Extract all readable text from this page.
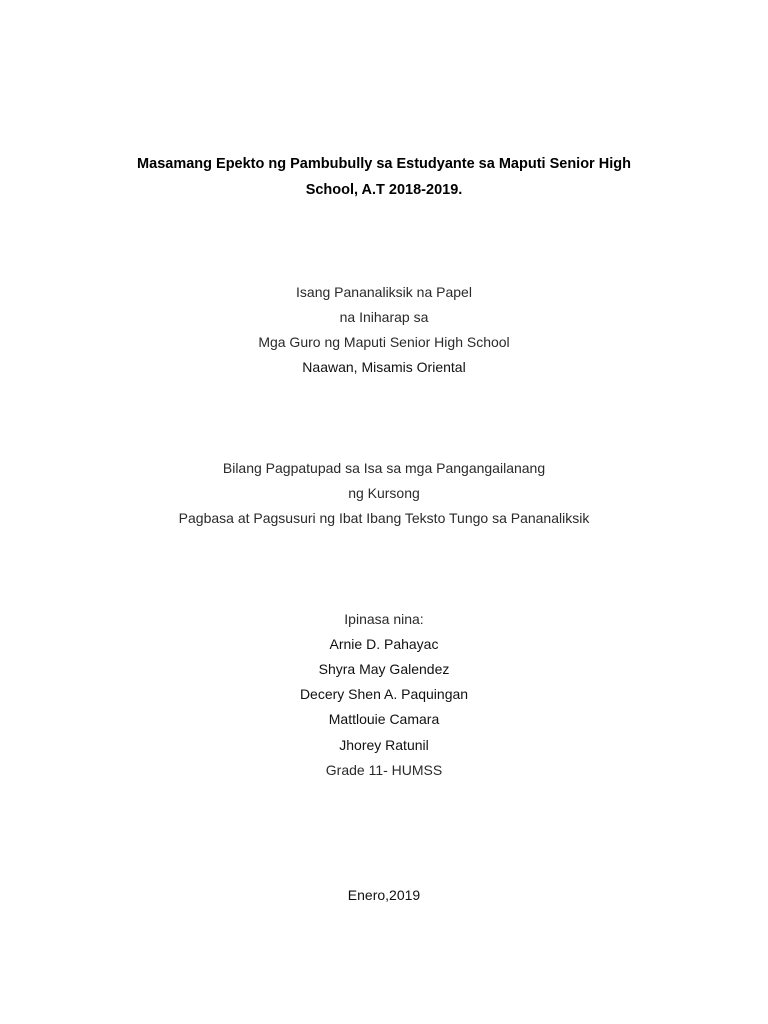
Masamang Epekto ng Pambubully sa Estudyante sa Maputi Senior High
School, A.T 2018-2019.
Isang Pananaliksik na Papel
na Iniharap sa
Mga Guro ng Maputi Senior High School
Naawan, Misamis Oriental
Bilang Pagpatupad sa Isa sa mga Pangangailanang
ng Kursong
Pagbasa at Pagsusuri ng Ibat Ibang Teksto Tungo sa Pananaliksik
Ipinasa nina:
Arnie D. Pahayac
Shyra May Galendez
Decery Shen A. Paquingan
Mattlouie Camara
Jhorey Ratunil
Grade 11- HUMSS
Enero,2019
